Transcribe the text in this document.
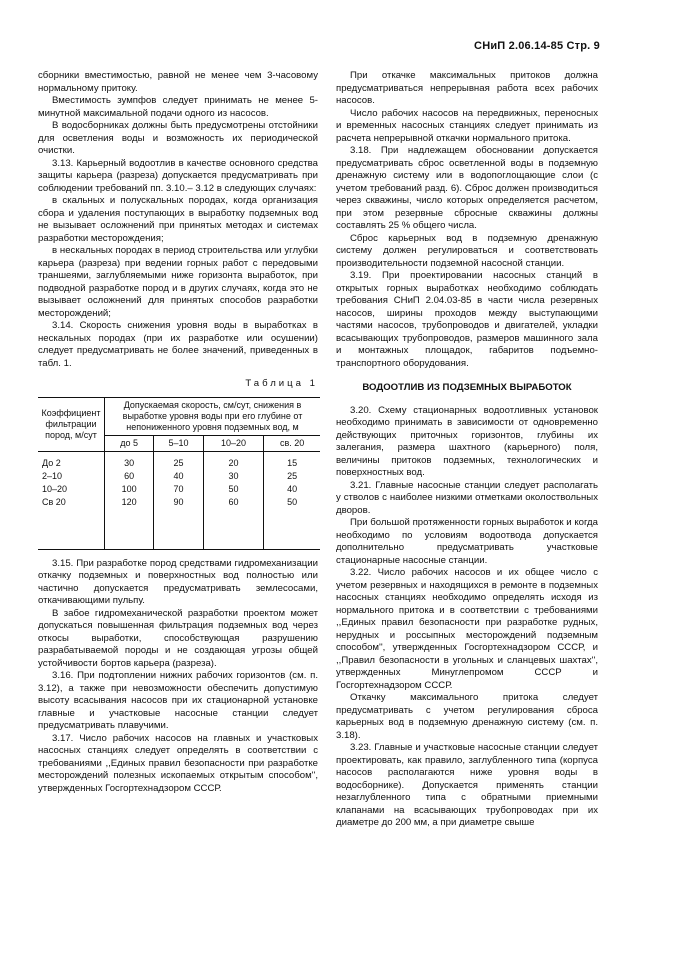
СНиП 2.06.14-85 Стр. 9

сборники вместимостью, равной не менее чем 3-часовому нормальному притоку.

Вместимость зумпфов следует принимать не менее 5-минутной максимальной подачи одного из насосов.

В водосборниках должны быть предусмотрены отстойники для осветления воды и возможность их периодической очистки.

3.13. Карьерный водоотлив в качестве основного средства защиты карьера (разреза) допускается предусматривать при соблюдении требований пп. 3.10.– 3.12 в следующих случаях:

в скальных и полускальных породах, когда организация сбора и удаления поступающих в выработку подземных вод не вызывает осложнений при принятых методах и системах разработки месторождения;

в нескальных породах в период строительства или углубки карьера (разреза) при ведении горных работ с передовыми траншеями, заглубляемыми ниже горизонта выработок, при подводной разработке пород и в других случаях, когда это не вызывает осложнений для принятых способов разработки месторождений;

3.14. Скорость снижения уровня воды в выработках в нескальных породах (при их разработке или осушении) следует предусматривать не более значений, приведенных в табл. 1.

Таблица 1
Коэффициент фильтрации пород, м/сут	Допускаемая скорость, см/сут, снижения в выработке уровня воды при его глубине от непониженного уровня подземных вод, м			
	до 5	5–10	10–20	св. 20

До 2	30	25	20	15
2–10	60	40	30	25
10–20	100	70	50	40
Св 20	120	90	60	50

3.15. При разработке пород средствами гидромеханизации откачку подземных и поверхностных вод полностью или частично допускается предусматривать землесосами, откачивающими пульпу.

В забое гидромеханической разработки проектом может допускаться повышенная фильтрация подземных вод через откосы выработки, способствующая разрушению разрабатываемой породы и не создающая угрозы общей устойчивости бортов карьера (разреза).

3.16. При подтоплении нижних рабочих горизонтов (см. п. 3.12), а также при невозможности обеспечить допустимую высоту всасывания насосов при их стационарной установке главные и участковые насосные станции следует предусматривать плавучими.

3.17. Число рабочих насосов на главных и участковых насосных станциях следует определять в соответствии с требованиями ,,Единых правил безопасности при разработке месторождений полезных ископаемых открытым способом'', утвержденных Госгортехнадзором СССР.

При откачке максимальных притоков должна предусматриваться непрерывная работа всех рабочих насосов.

Число рабочих насосов на передвижных, переносных и временных насосных станциях следует принимать из расчета непрерывной откачки нормального притока.

3.18. При надлежащем обосновании допускается предусматривать сброс осветленной воды в подземную дренажную систему или в водопоглощающие слои (с учетом требований разд. 6). Сброс должен производиться через скважины, число которых определяется расчетом, при этом резервные сбросные скважины должны составлять 25 % общего числа.

Сброс карьерных вод в подземную дренажную систему должен регулироваться и соответствовать производительности подземной насосной станции.

3.19. При проектировании насосных станций в открытых горных выработках необходимо соблюдать требования СНиП 2.04.03-85 в части числа резервных насосов, ширины проходов между выступающими частями насосов, трубопроводов и двигателей, укладки всасывающих трубопроводов, размеров машинного зала и монтажных площадок, габаритов подъемно-транспортного оборудования.

ВОДООТЛИВ ИЗ ПОДЗЕМНЫХ ВЫРАБОТОК

3.20. Схему стационарных водоотливных установок необходимо принимать в зависимости от одновременно действующих приточных горизонтов, глубины их залегания, размера шахтного (карьерного) поля, величины притоков подземных, технологических и поверхностных вод.

3.21. Главные насосные станции следует располагать у стволов с наиболее низкими отметками околоствольных дворов.

При большой протяженности горных выработок и когда необходимо по условиям водоотвода допускается дополнительно предусматривать участковые стационарные насосные станции.

3.22. Число рабочих насосов и их общее число с учетом резервных и находящихся в ремонте в подземных насосных станциях необходимо определять исходя из нормального притока и в соответствии с требованиями ,,Единых правил безопасности при разработке рудных, нерудных и россыпных месторождений подземным способом'', утвержденных Госгортехнадзором СССР, и ,,Правил безопасности в угольных и сланцевых шахтах'', утвержденных Минуглепромом СССР и Госгортехнадзором СССР.

Откачку максимального притока следует предусматривать с учетом регулирования сброса карьерных вод в подземную дренажную систему (см. п. 3.18).

3.23. Главные и участковые насосные станции следует проектировать, как правило, заглубленного типа (корпуса насосов располагаются ниже уровня воды в водосборнике). Допускается применять станции незаглубленного типа с обратными приемными клапанами на всасывающих трубопроводах при их диаметре до 200 мм, а при диаметре свыше
